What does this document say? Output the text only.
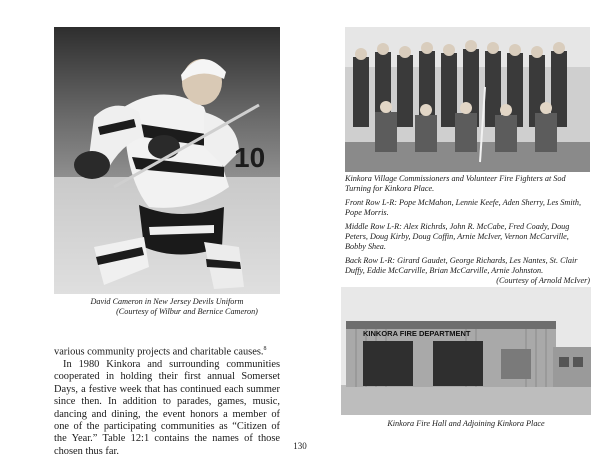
10
David Cameron in New Jersey Devils Uniform
(Courtesy of Wilbur and Bernice Cameron)

various community projects and charitable causes.$^8$

In 1980 Kinkora and surrounding communities cooperated in holding their first annual Somerset Days, a festive week that has continued each summer since then. In addition to parades, games, music, dancing and dining, the event honors a member of one of the participating communities as “Citizen of the Year.” Table 12:1 contains the names of those chosen thus far.

Kinkora Village Commissioners and Volunteer Fire Fighters at Sod Turning for Kinkora Place.
Front Row L-R: Pope McMahon, Lennie Keefe, Aden Sherry, Les Smith, Pope Morris.
Middle Row L-R: Alex Richrds, John R. McCabe, Fred Coady, Doug Peters, Doug Kirby, Doug Coffin, Arnie McIver, Vernon McCarville, Bobby Shea.
Back Row L-R: Girard Gaudet, George Richards, Les Nantes, St. Clair Duffy, Eddie McCarville, Brian McCarville, Arnie Johnston.
(Courtesy of Arnold McIver)
KINKORA FIRE DEPARTMENT
Kinkora Fire Hall and Adjoining Kinkora Place
130
